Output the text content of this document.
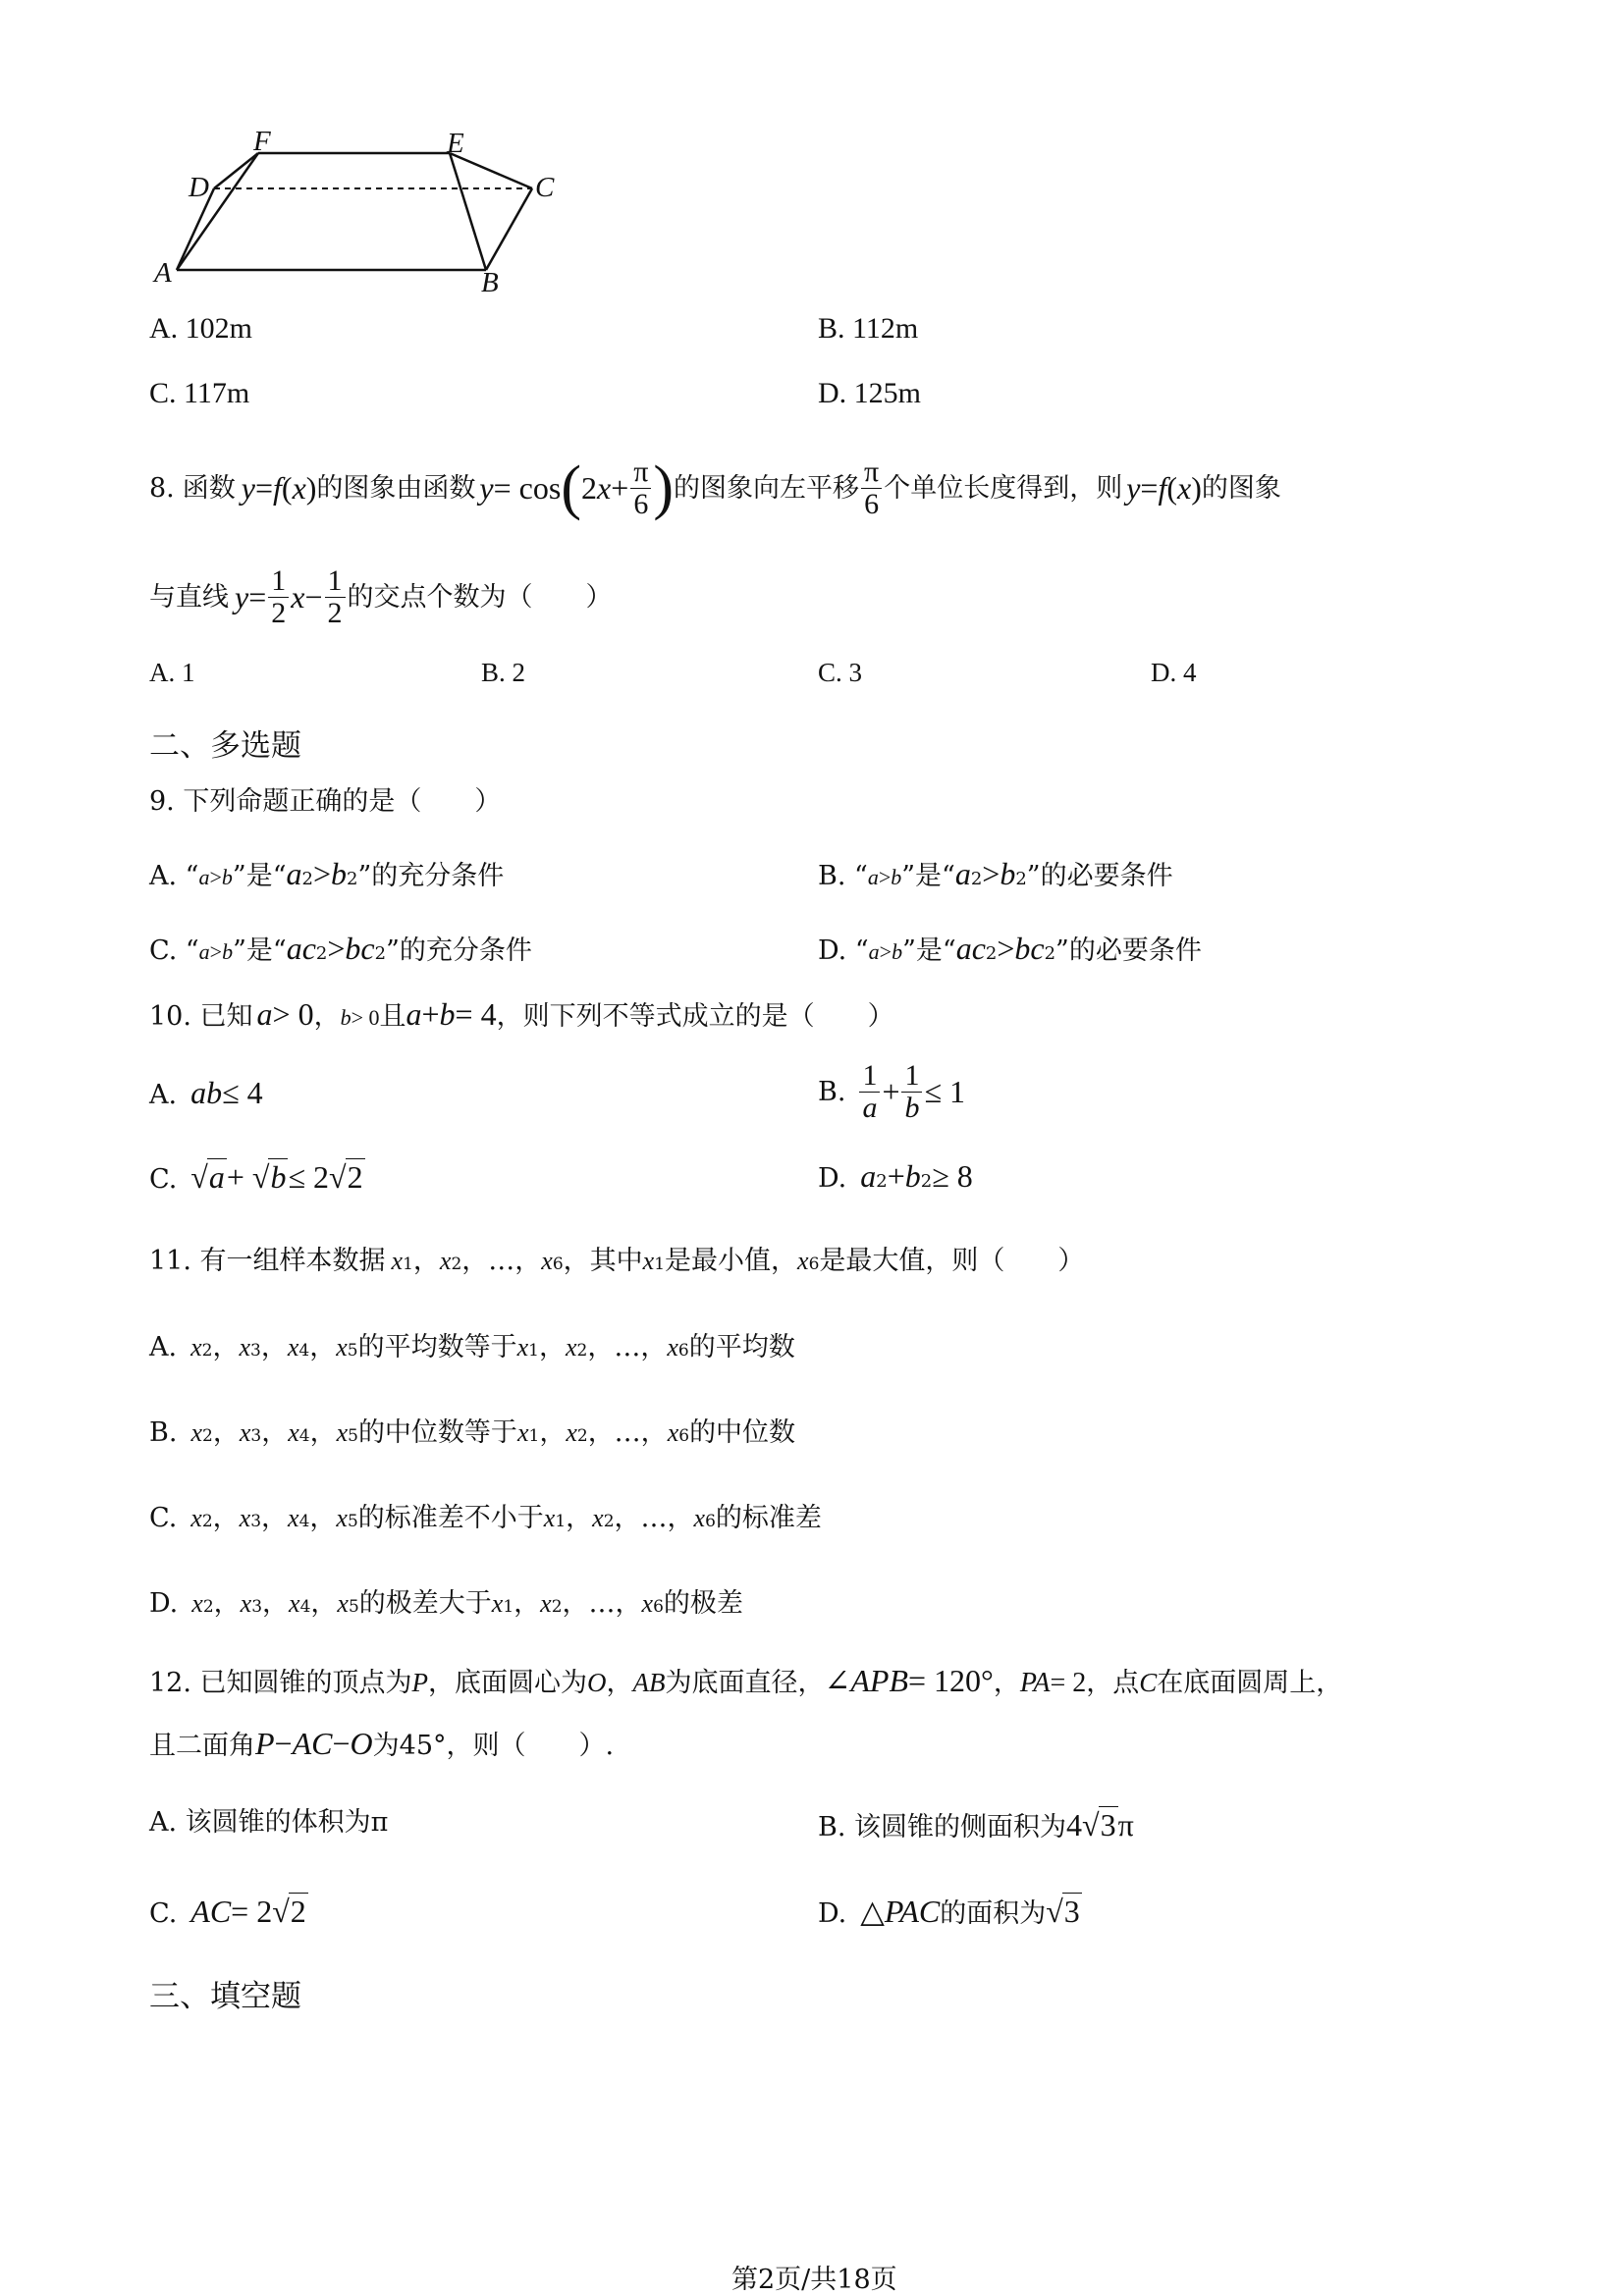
F	E
D	C
A	B
A. 102m	B. 112m
C. 117m	D. 125m
8. 函数 y = f ( x ) 的图象由函数 y = cos ( 2 $x + \frac{\pi}{6}$ ) 的图象向左平移 $\frac{\pi}{6}$ 个单位长度得到，则 y = f ( x ) 的图象
与直线 $y = \frac{1}{2}$ $x - \frac{1}{2}$ 的交点个数为（　　）
A. 1	B. 2	C. 3	D. 4
二、多选题
9. 下列命题正确的是（　　）
A. “ a > b ”是“ a 2 > b 2 ”的充分条件	B. “ a > b ”是“ a 2 > b 2 ”的必要条件
C. “ a > b ”是“ ac 2 > bc 2 ”的充分条件	D. “ a > b ”是“ ac 2 > bc 2 ”的必要条件
10. 已知 a > 0 ， b > 0 且 a + b = 4 ，则下列不等式成立的是（　　）
A. ab ≤ 4	B. $\frac{1}{a} + \frac{1}{b} \le 1$
C. √ a + √ b ≤ 2√ 2	D. a 2 + b 2 ≥ 8
11. 有一组样本数据 x 1 ， x 2 ，…， x 6 ，其中 x 1 是最小值， x 6 是最大值，则（　　）
A. x 2 ， x 3 ， x 4 ， x 5 的平均数等于 x 1 ， x 2 ，…， x 6 的平均数
B. x 2 ， x 3 ， x 4 ， x 5 的中位数等于 x 1 ， x 2 ，…， x 6 的中位数
C. x 2 ， x 3 ， x 4 ， x 5 的标准差不小于 x 1 ， x 2 ，…， x 6 的标准差
D. x 2 ， x 3 ， x 4 ， x 5 的极差大于 x 1 ， x 2 ，…， x 6 的极差
12. 已知圆锥的顶点为 P ，底面圆心为 O ， AB 为底面直径， ∠ APB = 120° ， PA = 2 ，点 C 在底面圆周上，
且二面角 P − AC − O 为45°，则（　　）.
A. 该圆锥的体积为π	B. 该圆锥的侧面积为 4√ 3 π
C. AC = 2√ 2	D. △ PAC 的面积为 √ 3
三、填空题
第2页/共18页
